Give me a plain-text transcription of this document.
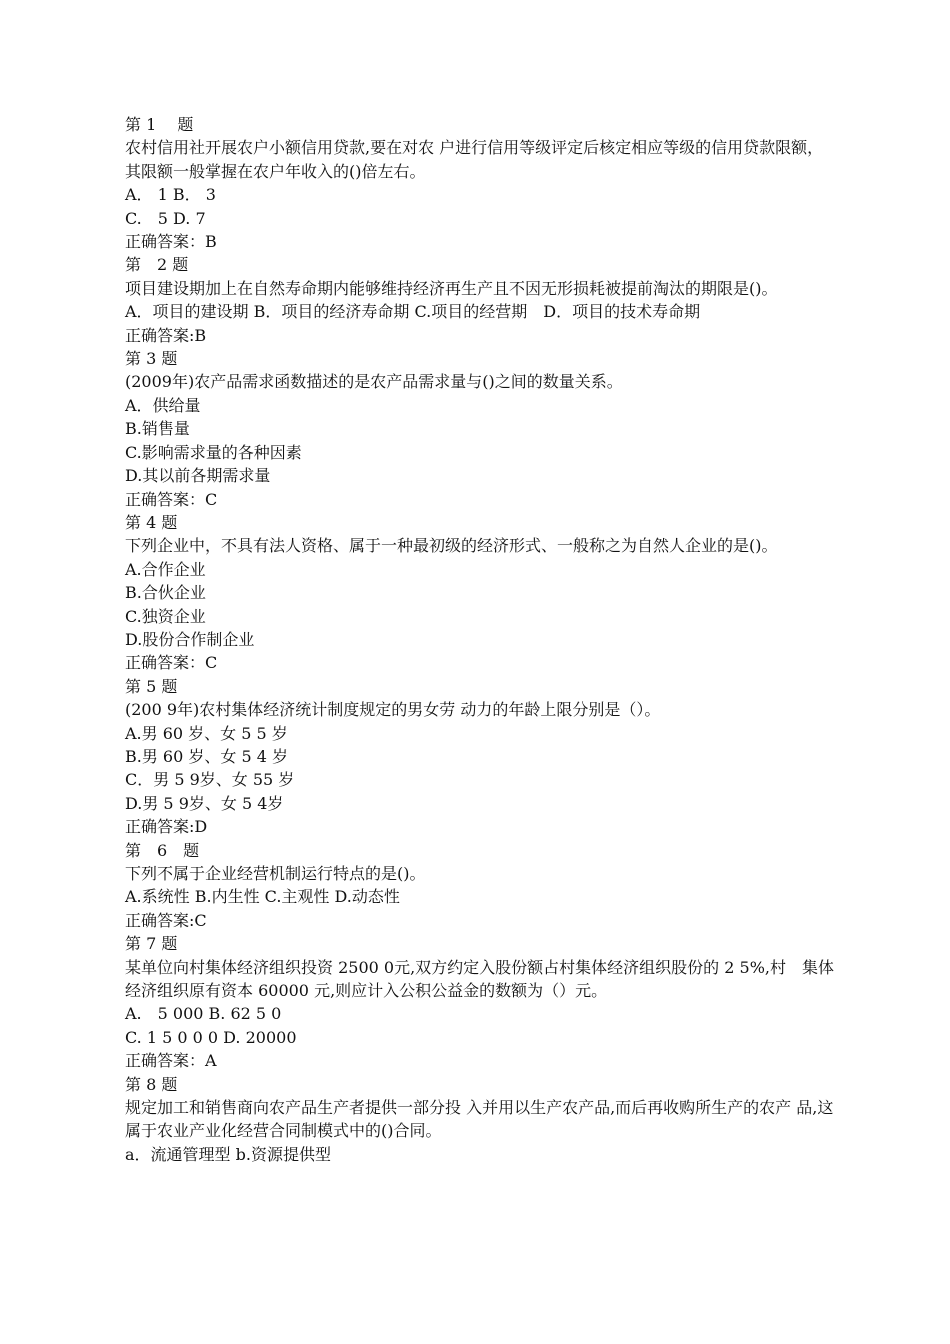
第 1　 题
农村信用社开展农户小额信用贷款,要在对农 户进行信用等级评定后核定相应等级的信用贷款限额，其限额一般掌握在农户年收入的()倍左右。
A． 1 B． 3
C.　5 D. 7
正确答案：B
第　2 题
项目建设期加上在自然寿命期内能够维持经济再生产且不因无形损耗被提前淘汰的期限是()。
A．项目的建设期 B．项目的经济寿命期 C.项目的经营期　D．项目的技术寿命期
正确答案:B
第 3 题
(2009年)农产品需求函数描述的是农产品需求量与()之间的数量关系。
A．供给量
B.销售量
C.影响需求量的各种因素
D.其以前各期需求量
正确答案：C
第 4 题
下列企业中，不具有法人资格、属于一种最初级的经济形式、一般称之为自然人企业的是()。
A.合作企业
B.合伙企业
C.独资企业
D.股份合作制企业
正确答案：C
第 5 题
(200 9年)农村集体经济统计制度规定的男女劳 动力的年龄上限分别是（）。
A.男 60 岁、女 5 5 岁
B.男 60 岁、女 5 4 岁
C．男 5 9岁、女 55 岁
D.男 5 9岁、女 5 4岁
正确答案:D
第　6　题
下列不属于企业经营机制运行特点的是()。
A.系统性 B.内生性 C.主观性 D.动态性
正确答案:C
第 7 题
某单位向村集体经济组织投资 2500 0元,双方约定入股份额占村集体经济组织股份的 2 5%,村　集体经济组织原有资本 60000 元,则应计入公积公益金的数额为（）元。
A.　5 000 B. 62 5 0
C. 1 5 0 0 0 D. 20000
正确答案：A
第 8 题
规定加工和销售商向农产品生产者提供一部分投 入并用以生产农产品,而后再收购所生产的农产 品,这属于农业产业化经营合同制模式中的()合同。
a．流通管理型 b.资源提供型
